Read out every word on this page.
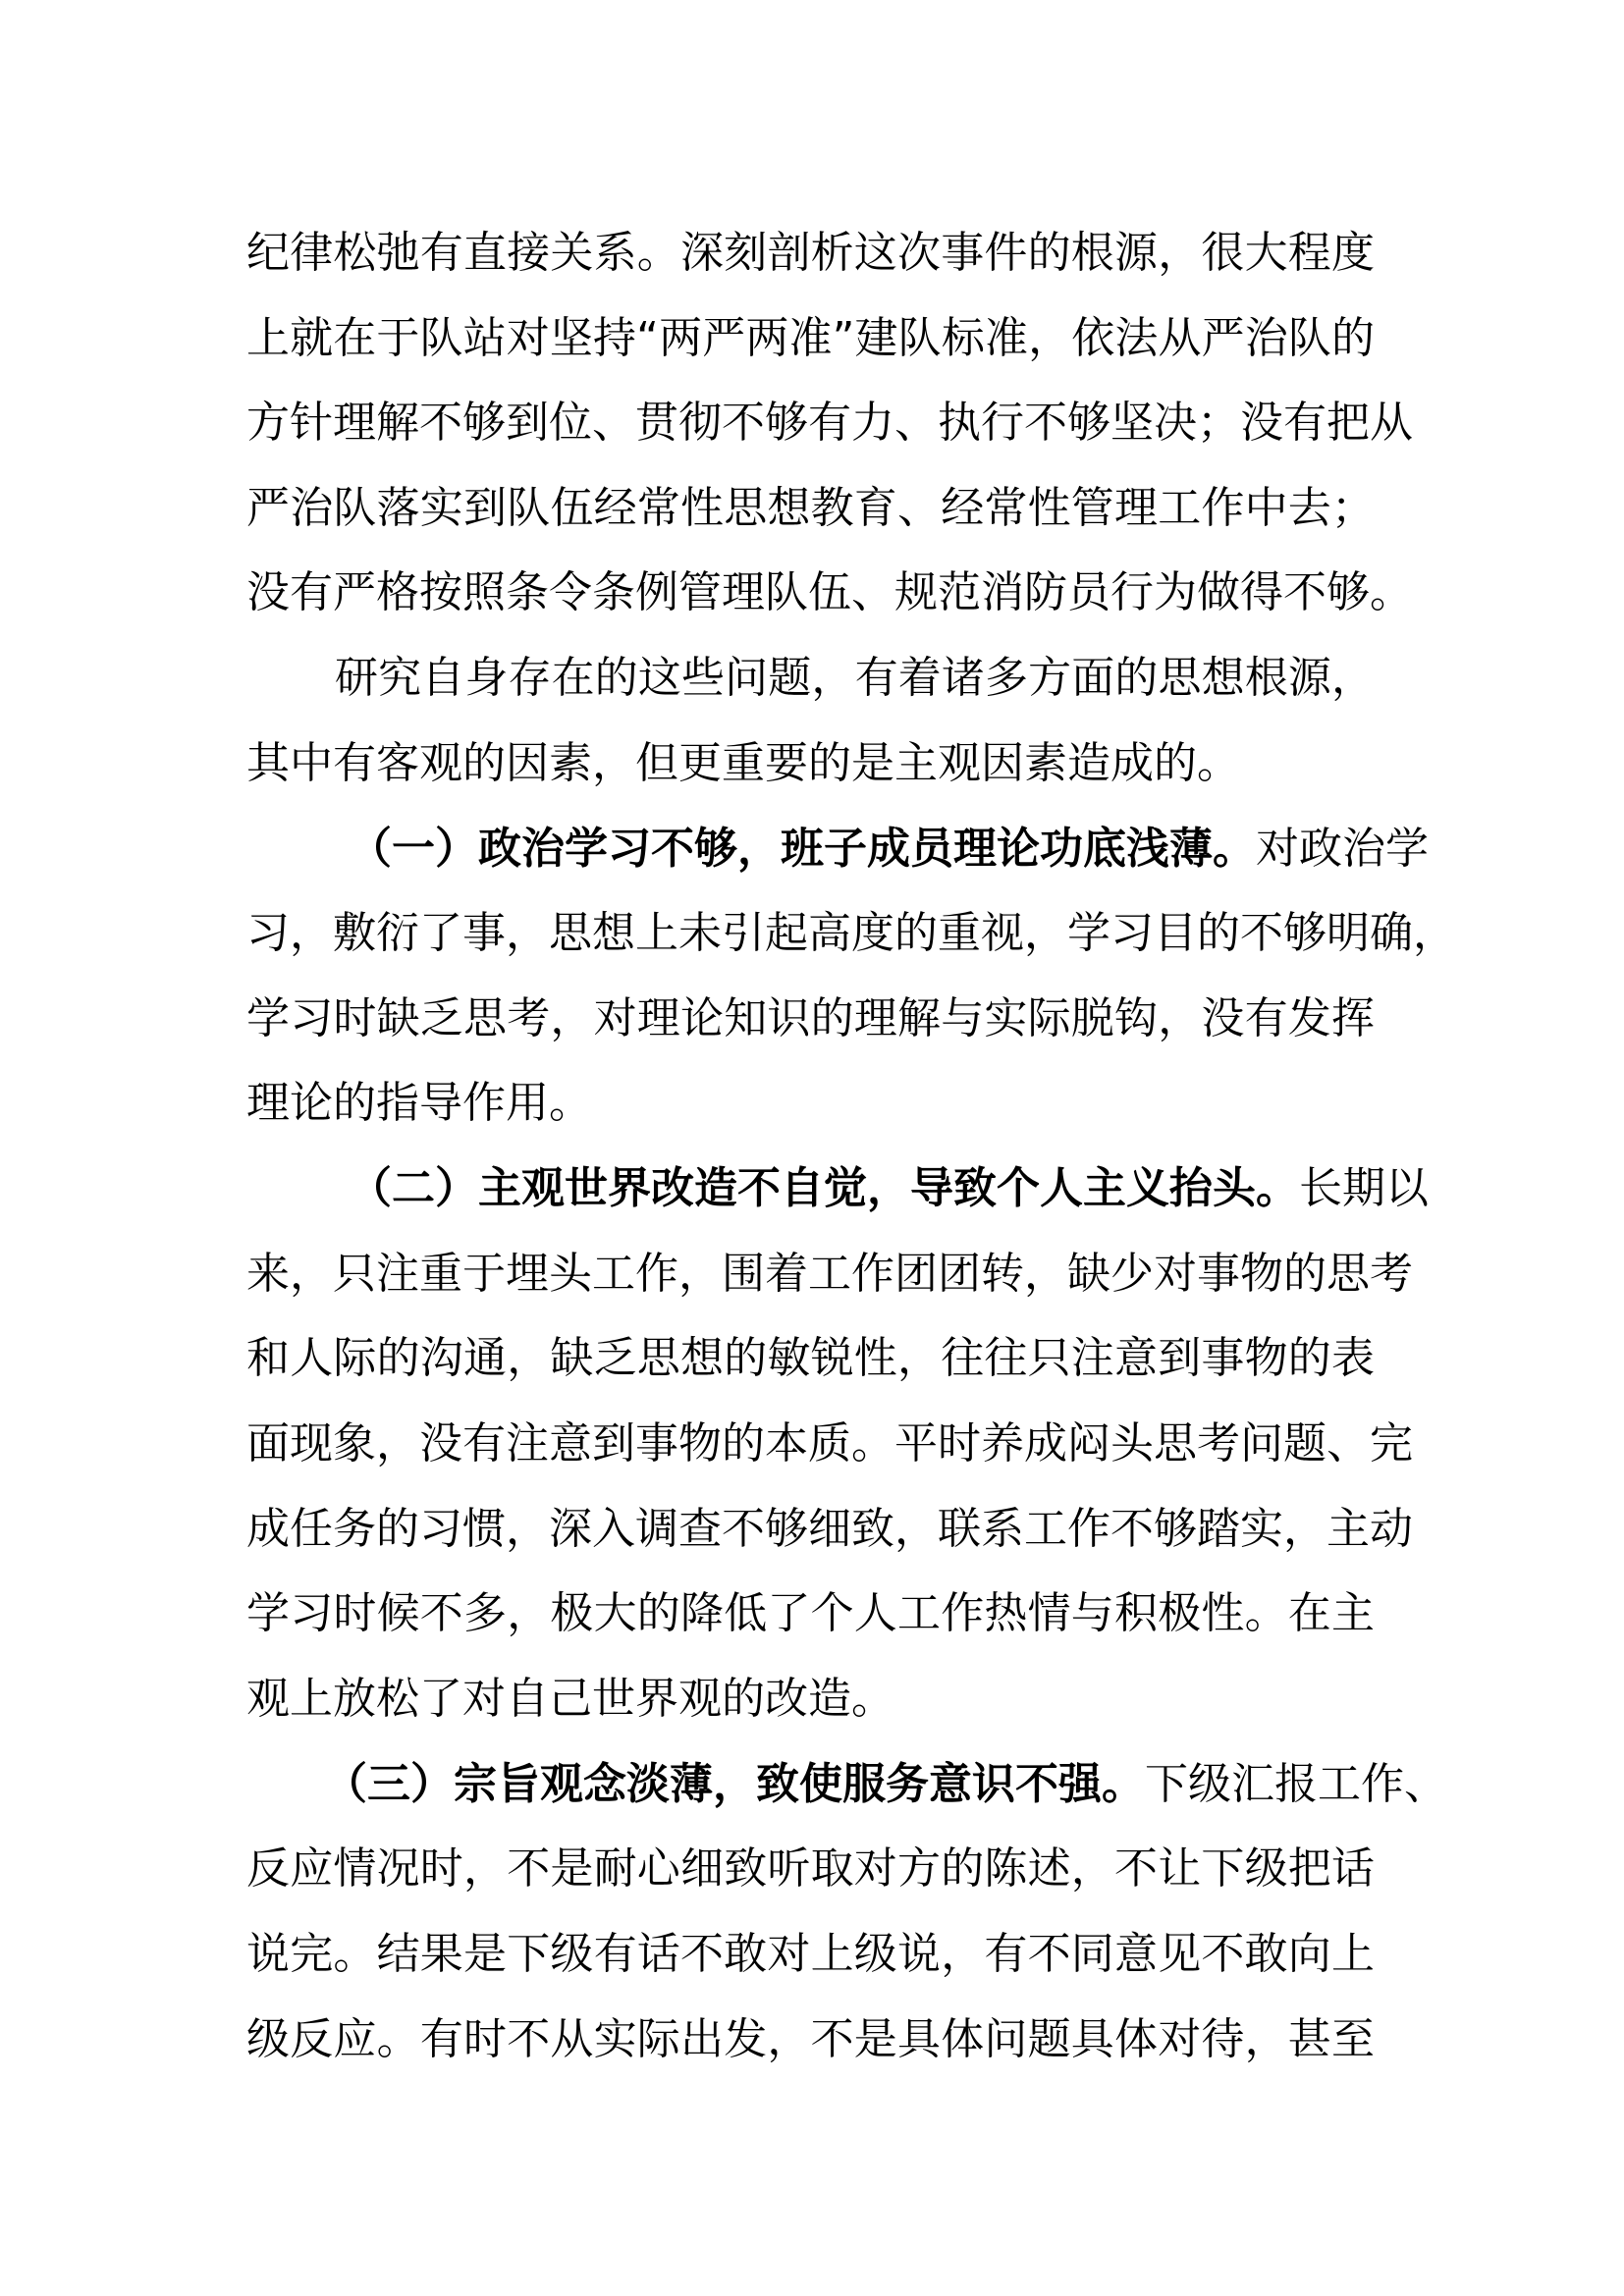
纪律松弛有直接关系。深刻剖析这次事件的根源，很大程度
上就在于队站对坚持“两严两准”建队标准，依法从严治队的
方针理解不够到位、贯彻不够有力、执行不够坚决；没有把从
严治队落实到队伍经常性思想教育、经常性管理工作中去；
没有严格按照条令条例管理队伍、规范消防员行为做得不够。
研究自身存在的这些问题，有着诸多方面的思想根源，
其中有客观的因素，但更重要的是主观因素造成的。
（一）政治学习不够，班子成员理论功底浅薄。对政治学
习，敷衍了事，思想上未引起高度的重视，学习目的不够明确，
学习时缺乏思考，对理论知识的理解与实际脱钩，没有发挥
理论的指导作用。
（二）主观世界改造不自觉，导致个人主义抬头。长期以
来，只注重于埋头工作，围着工作团团转，缺少对事物的思考
和人际的沟通，缺乏思想的敏锐性，往往只注意到事物的表
面现象，没有注意到事物的本质。平时养成闷头思考问题、完
成任务的习惯，深入调查不够细致，联系工作不够踏实，主动
学习时候不多，极大的降低了个人工作热情与积极性。在主
观上放松了对自己世界观的改造。
（三）宗旨观念淡薄，致使服务意识不强。下级汇报工作、
反应情况时，不是耐心细致听取对方的陈述，不让下级把话
说完。结果是下级有话不敢对上级说，有不同意见不敢向上
级反应。有时不从实际出发，不是具体问题具体对待，甚至
